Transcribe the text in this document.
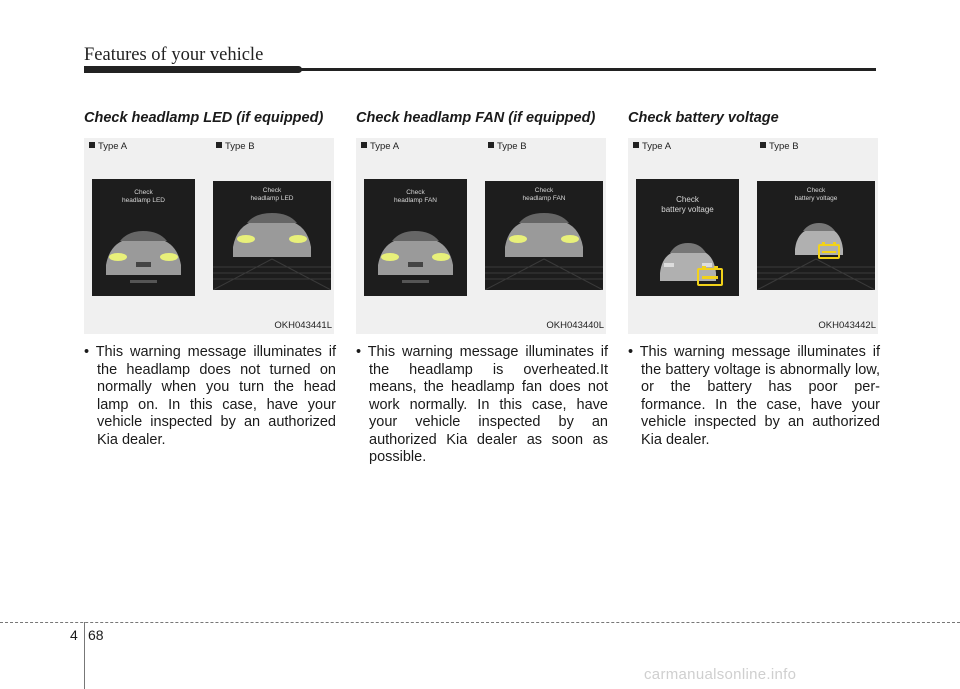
Features of your vehicle
Check headlamp LED (if equipped)
Type A
Check
headlamp LED
Type B
Check
headlamp LED
OKH043441L
• This warning message illuminates if the headlamp does not turned on normally when you turn the head lamp on. In this case, have your vehicle inspected by an authorized Kia dealer.
Check headlamp FAN (if equipped)
Type A
Check
headlamp FAN
Type B
Check
headlamp FAN
OKH043440L
• This warning message illuminates if the headlamp is overheated.It means, the headlamp fan does not work normally. In this case, have your vehicle inspected by an authorized Kia dealer as soon as possible.
Check battery voltage
Type A
Check
battery voltage
Type B
Check
battery voltage
OKH043442L
• This warning message illuminates if the battery voltage is abnormally low, or the battery has poor per-formance. In the case, have your vehicle inspected by an authorized Kia dealer.
4 68
carmanualsonline.info
